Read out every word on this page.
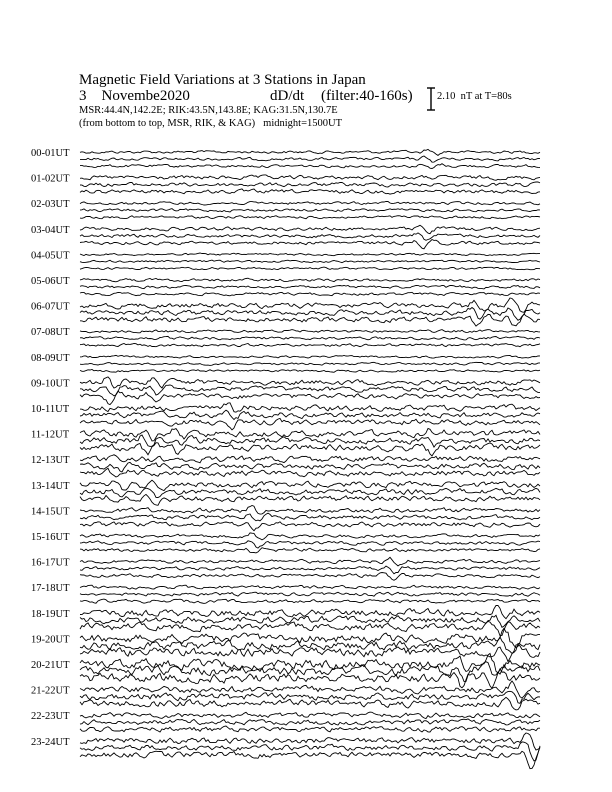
00-01UT
01-02UT
02-03UT
03-04UT
04-05UT
05-06UT
06-07UT
07-08UT
08-09UT
09-10UT
10-11UT
11-12UT
12-13UT
13-14UT
14-15UT
15-16UT
16-17UT
17-18UT
18-19UT
19-20UT
20-21UT
21-22UT
22-23UT
23-24UT
Magnetic Field Variations at 3 Stations in Japan
3    Novembe2020	dD/dt (filter:40-160s)
MSR:44.4N,142.2E; RIK:43.5N,143.8E; KAG:31.5N,130.7E
(from bottom to top, MSR, RIK, & KAG) midnight=1500UT
2.10  nT at T=80s
